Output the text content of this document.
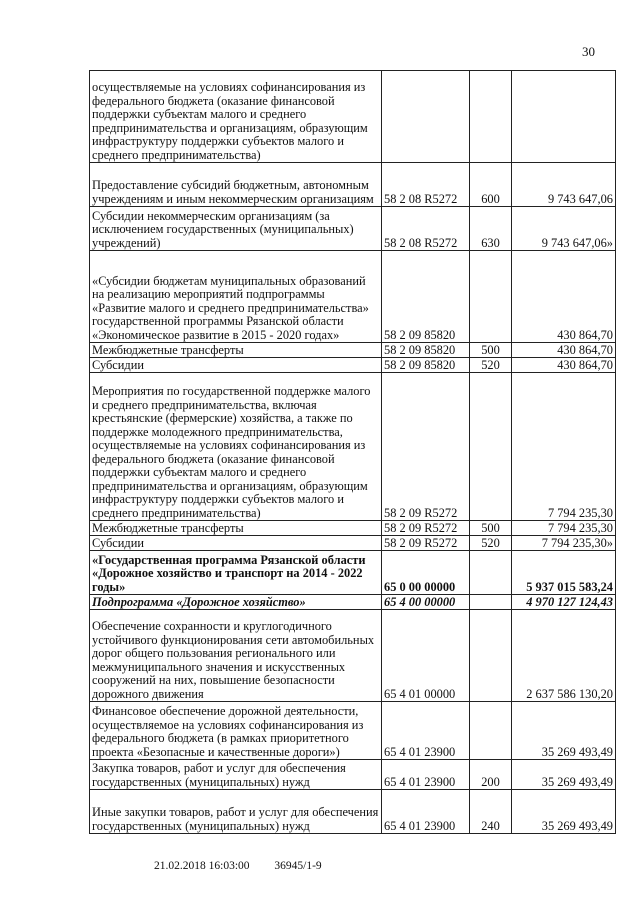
30
осуществляемые на условиях софинансирования из федерального бюджета (оказание финансовой поддержки субъектам малого и среднего предпринимательства и организациям, образующим инфраструктуру поддержки субъектов малого и среднего предпринимательства)			
Предоставление субсидий бюджетным, автономным учреждениям и иным некоммерческим организациям	58 2 08 R5272	600	9 743 647,06
Субсидии некоммерческим организациям (за исключением государственных (муниципальных) учреждений)	58 2 08 R5272	630	9 743 647,06»
«Субсидии бюджетам муниципальных образований на реализацию мероприятий подпрограммы «Развитие малого и среднего предпринимательства» государственной программы Рязанской области «Экономическое развитие в 2015 - 2020 годах»	58 2 09 85820		430 864,70
Межбюджетные трансферты	58 2 09 85820	500	430 864,70
Субсидии	58 2 09 85820	520	430 864,70
Мероприятия по государственной поддержке малого и среднего предпринимательства, включая крестьянские (фермерские) хозяйства, а также по поддержке молодежного предпринимательства, осуществляемые на условиях софинансирования из федерального бюджета (оказание финансовой поддержки субъектам малого и среднего предпринимательства и организациям, образующим инфраструктуру поддержки субъектов малого и среднего предпринимательства)	58 2 09 R5272		7 794 235,30
Межбюджетные трансферты	58 2 09 R5272	500	7 794 235,30
Субсидии	58 2 09 R5272	520	7 794 235,30»
«Государственная программа Рязанской области «Дорожное хозяйство и транспорт на 2014 - 2022 годы»	65 0 00 00000		5 937 015 583,24
Подпрограмма «Дорожное хозяйство»	65 4 00 00000		4 970 127 124,43
Обеспечение сохранности и круглогодичного устойчивого функционирования сети автомобильных дорог общего пользования регионального или межмуниципального значения и искусственных сооружений на них, повышение безопасности дорожного движения	65 4 01 00000		2 637 586 130,20
Финансовое обеспечение дорожной деятельности, осуществляемое на условиях софинансирования из федерального бюджета (в рамках приоритетного проекта «Безопасные и качественные дороги»)	65 4 01 23900		35 269 493,49
Закупка товаров, работ и услуг для обеспечения государственных (муниципальных) нужд	65 4 01 23900	200	35 269 493,49
Иные закупки товаров, работ и услуг для обеспечения государственных (муниципальных) нужд	65 4 01 23900	240	35 269 493,49
21.02.2018 16:03:00 36945/1-9
